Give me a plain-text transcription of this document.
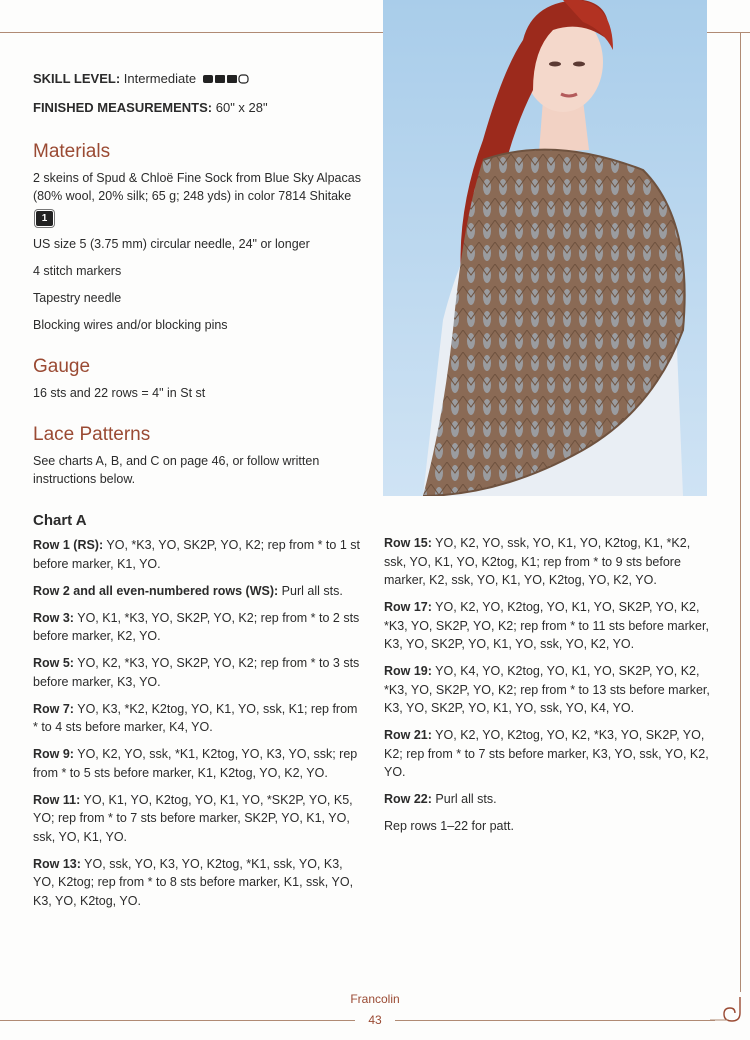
SKILL LEVEL: Intermediate
FINISHED MEASUREMENTS: 60" x 28"
Materials
2 skeins of Spud & Chloë Fine Sock from Blue Sky Alpacas (80% wool, 20% silk; 65 g; 248 yds) in color 7814 Shitake 1
US size 5 (3.75 mm) circular needle, 24" or longer
4 stitch markers
Tapestry needle
Blocking wires and/or blocking pins
Gauge
16 sts and 22 rows = 4" in St st
Lace Patterns
See charts A, B, and C on page 46, or follow written instructions below.
Chart A
Row 1 (RS): YO, *K3, YO, SK2P, YO, K2; rep from * to 1 st before marker, K1, YO.
Row 2 and all even-numbered rows (WS): Purl all sts.
Row 3: YO, K1, *K3, YO, SK2P, YO, K2; rep from * to 2 sts before marker, K2, YO.
Row 5: YO, K2, *K3, YO, SK2P, YO, K2; rep from * to 3 sts before marker, K3, YO.
Row 7: YO, K3, *K2, K2tog, YO, K1, YO, ssk, K1; rep from * to 4 sts before marker, K4, YO.
Row 9: YO, K2, YO, ssk, *K1, K2tog, YO, K3, YO, ssk; rep from * to 5 sts before marker, K1, K2tog, YO, K2, YO.
Row 11: YO, K1, YO, K2tog, YO, K1, YO, *SK2P, YO, K5, YO; rep from * to 7 sts before marker, SK2P, YO, K1, YO, ssk, YO, K1, YO.
Row 13: YO, ssk, YO, K3, YO, K2tog, *K1, ssk, YO, K3, YO, K2tog; rep from * to 8 sts before marker, K1, ssk, YO, K3, YO, K2tog, YO.
Row 15: YO, K2, YO, ssk, YO, K1, YO, K2tog, K1, *K2, ssk, YO, K1, YO, K2tog, K1; rep from * to 9 sts before marker, K2, ssk, YO, K1, YO, K2tog, YO, K2, YO.
Row 17: YO, K2, YO, K2tog, YO, K1, YO, SK2P, YO, K2, *K3, YO, SK2P, YO, K2; rep from * to 11 sts before marker, K3, YO, SK2P, YO, K1, YO, ssk, YO, K2, YO.
Row 19: YO, K4, YO, K2tog, YO, K1, YO, SK2P, YO, K2, *K3, YO, SK2P, YO, K2; rep from * to 13 sts before marker, K3, YO, SK2P, YO, K1, YO, ssk, YO, K4, YO.
Row 21: YO, K2, YO, K2tog, YO, K2, *K3, YO, SK2P, YO, K2; rep from * to 7 sts before marker, K3, YO, ssk, YO, K2, YO.
Row 22: Purl all sts.
Rep rows 1–22 for patt.
Francolin
43
